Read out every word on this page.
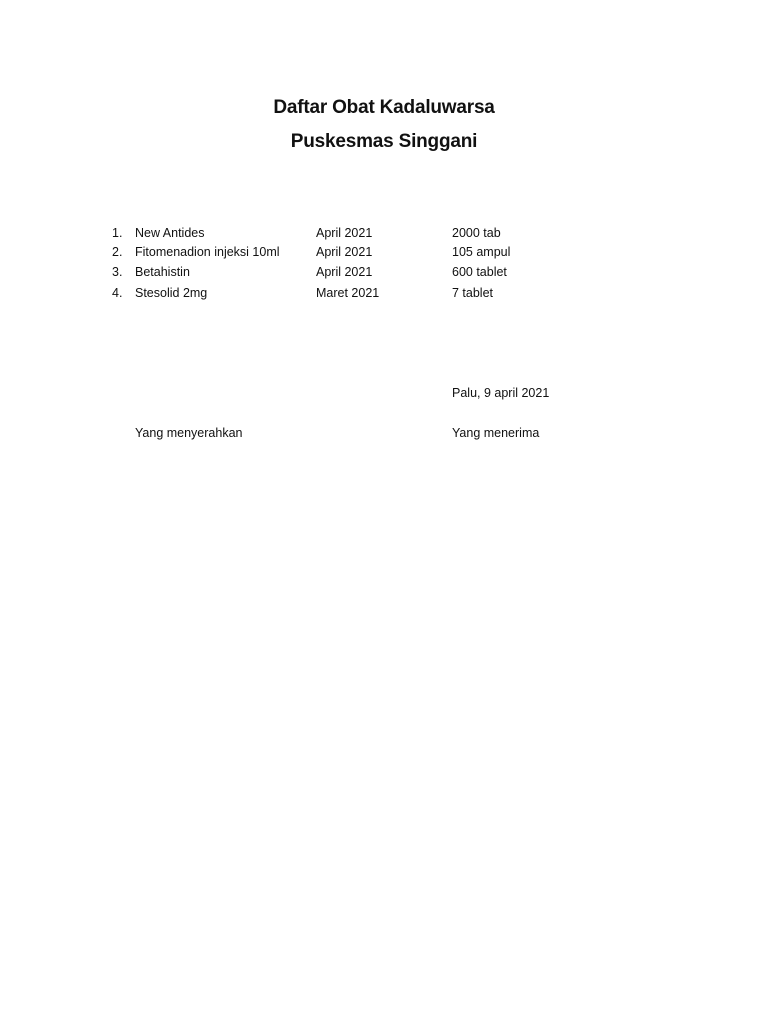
Daftar Obat Kadaluwarsa
Puskesmas Singgani
1. New Antides	April 2021	2000 tab
2. Fitomenadion injeksi 10ml	April 2021	105 ampul
3. Betahistin	April 2021	600 tablet
4. Stesolid 2mg	Maret 2021	7 tablet
Palu, 9 april 2021
Yang menyerahkan	Yang menerima
